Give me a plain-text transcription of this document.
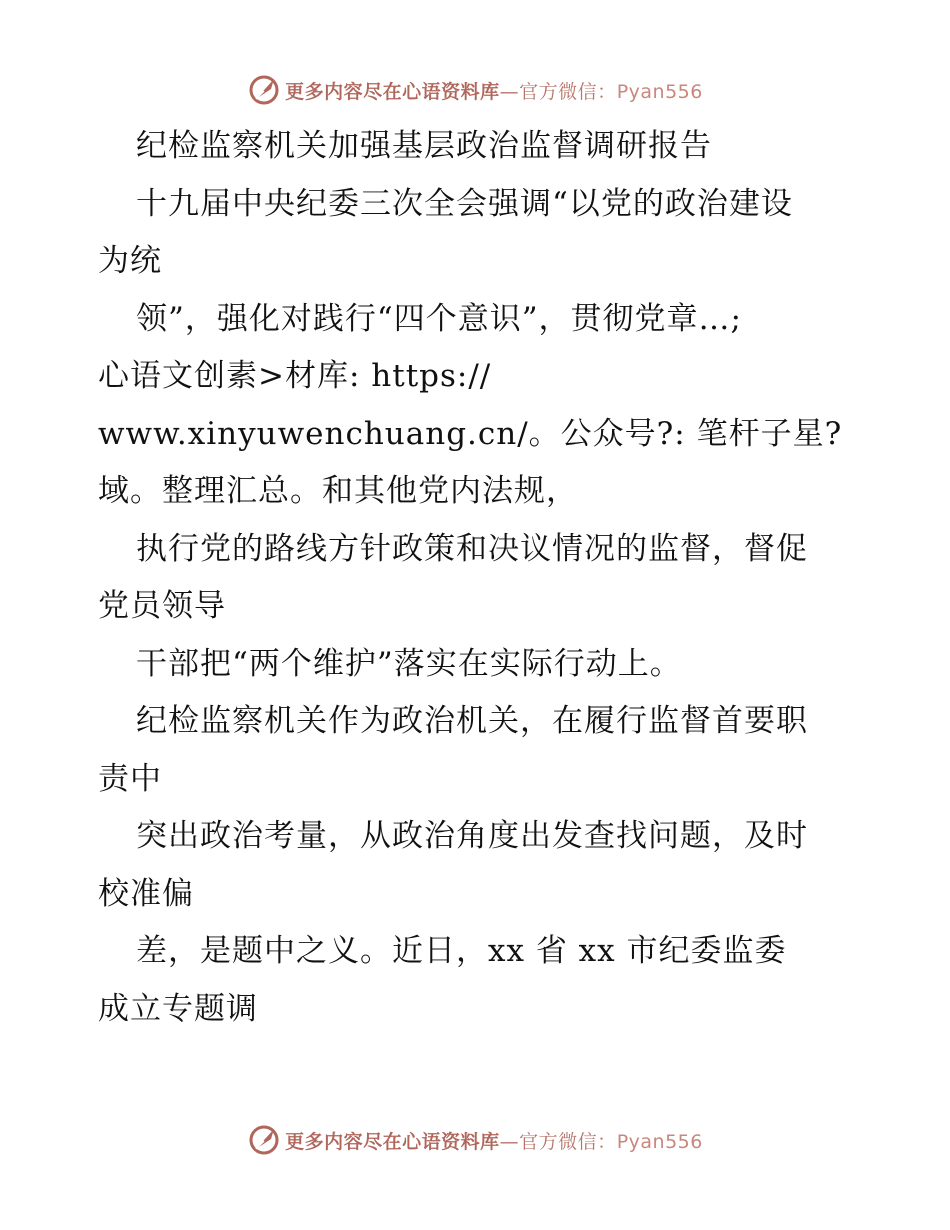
更多内容尽在心语资料库—官方微信：Pyan556
纪检监察机关加强基层政治监督调研报告
十九届中央纪委三次全会强调“以党的政治建设
为统
领”，强化对践行“四个意识”，贯彻党章…;
心语文创素>材库: https://
www.xinyuwenchuang.cn/。公众号?: 笔杆子星?
域。整理汇总。和其他党内法规，
执行党的路线方针政策和决议情况的监督，督促
党员领导
干部把“两个维护”落实在实际行动上。
纪检监察机关作为政治机关，在履行监督首要职
责中
突出政治考量，从政治角度出发查找问题，及时
校准偏
差，是题中之义。近日，xx 省 xx 市纪委监委
成立专题调
更多内容尽在心语资料库—官方微信：Pyan556
